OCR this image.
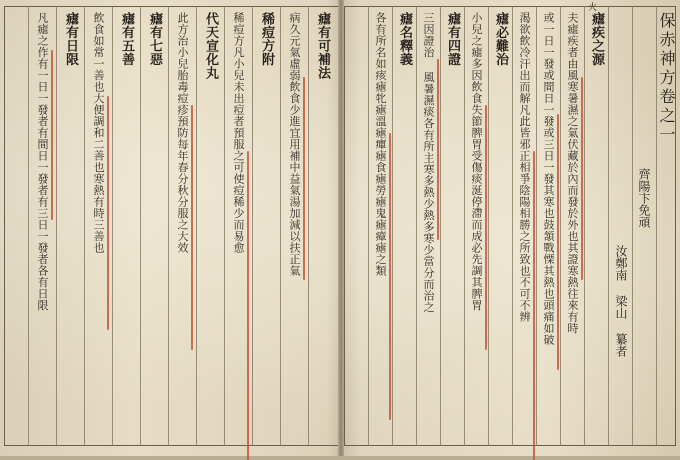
火
保赤神方卷之一
齊陽卞免頑
汝鄭南 梁山 纂者
瘧疾之源
夫瘧疾者由風寒暑濕之氣伏藏於內而發於外也其證寒熱往來有時
或一日一發或間日一發或三日一發其寒也鼓頷戰慄其熱也頭痛如破
渴欲飲冷汗出而解凡此皆邪正相爭陰陽相勝之所致也不可不辨
瘧必難治
小兒之瘧多因飲食失節脾胃受傷痰涎停滯而成必先調其脾胃
瘧有四證
三因證治 風暑濕痰各有所主寒多熱少熱多寒少當分而治之
瘧名釋義
各有所名如痎瘧牝瘧溫瘧癉瘧食瘧勞瘧鬼瘧瘴瘧之類
瘧有可補法
病久元氣虛弱飲食少進宜用補中益氣湯加減以扶正氣
稀痘方附
稀痘方凡小兒未出痘者預服之可使痘稀少而易愈
代天宣化丸
此方治小兒胎毒痘疹預防每年春分秋分服之大效
瘧有七惡
瘧有五善
飲食如常一善也大便調和二善也寒熱有時三善也
瘧有日限
凡瘧之作有一日一發者有間日一發者有三日一發者各有日限
